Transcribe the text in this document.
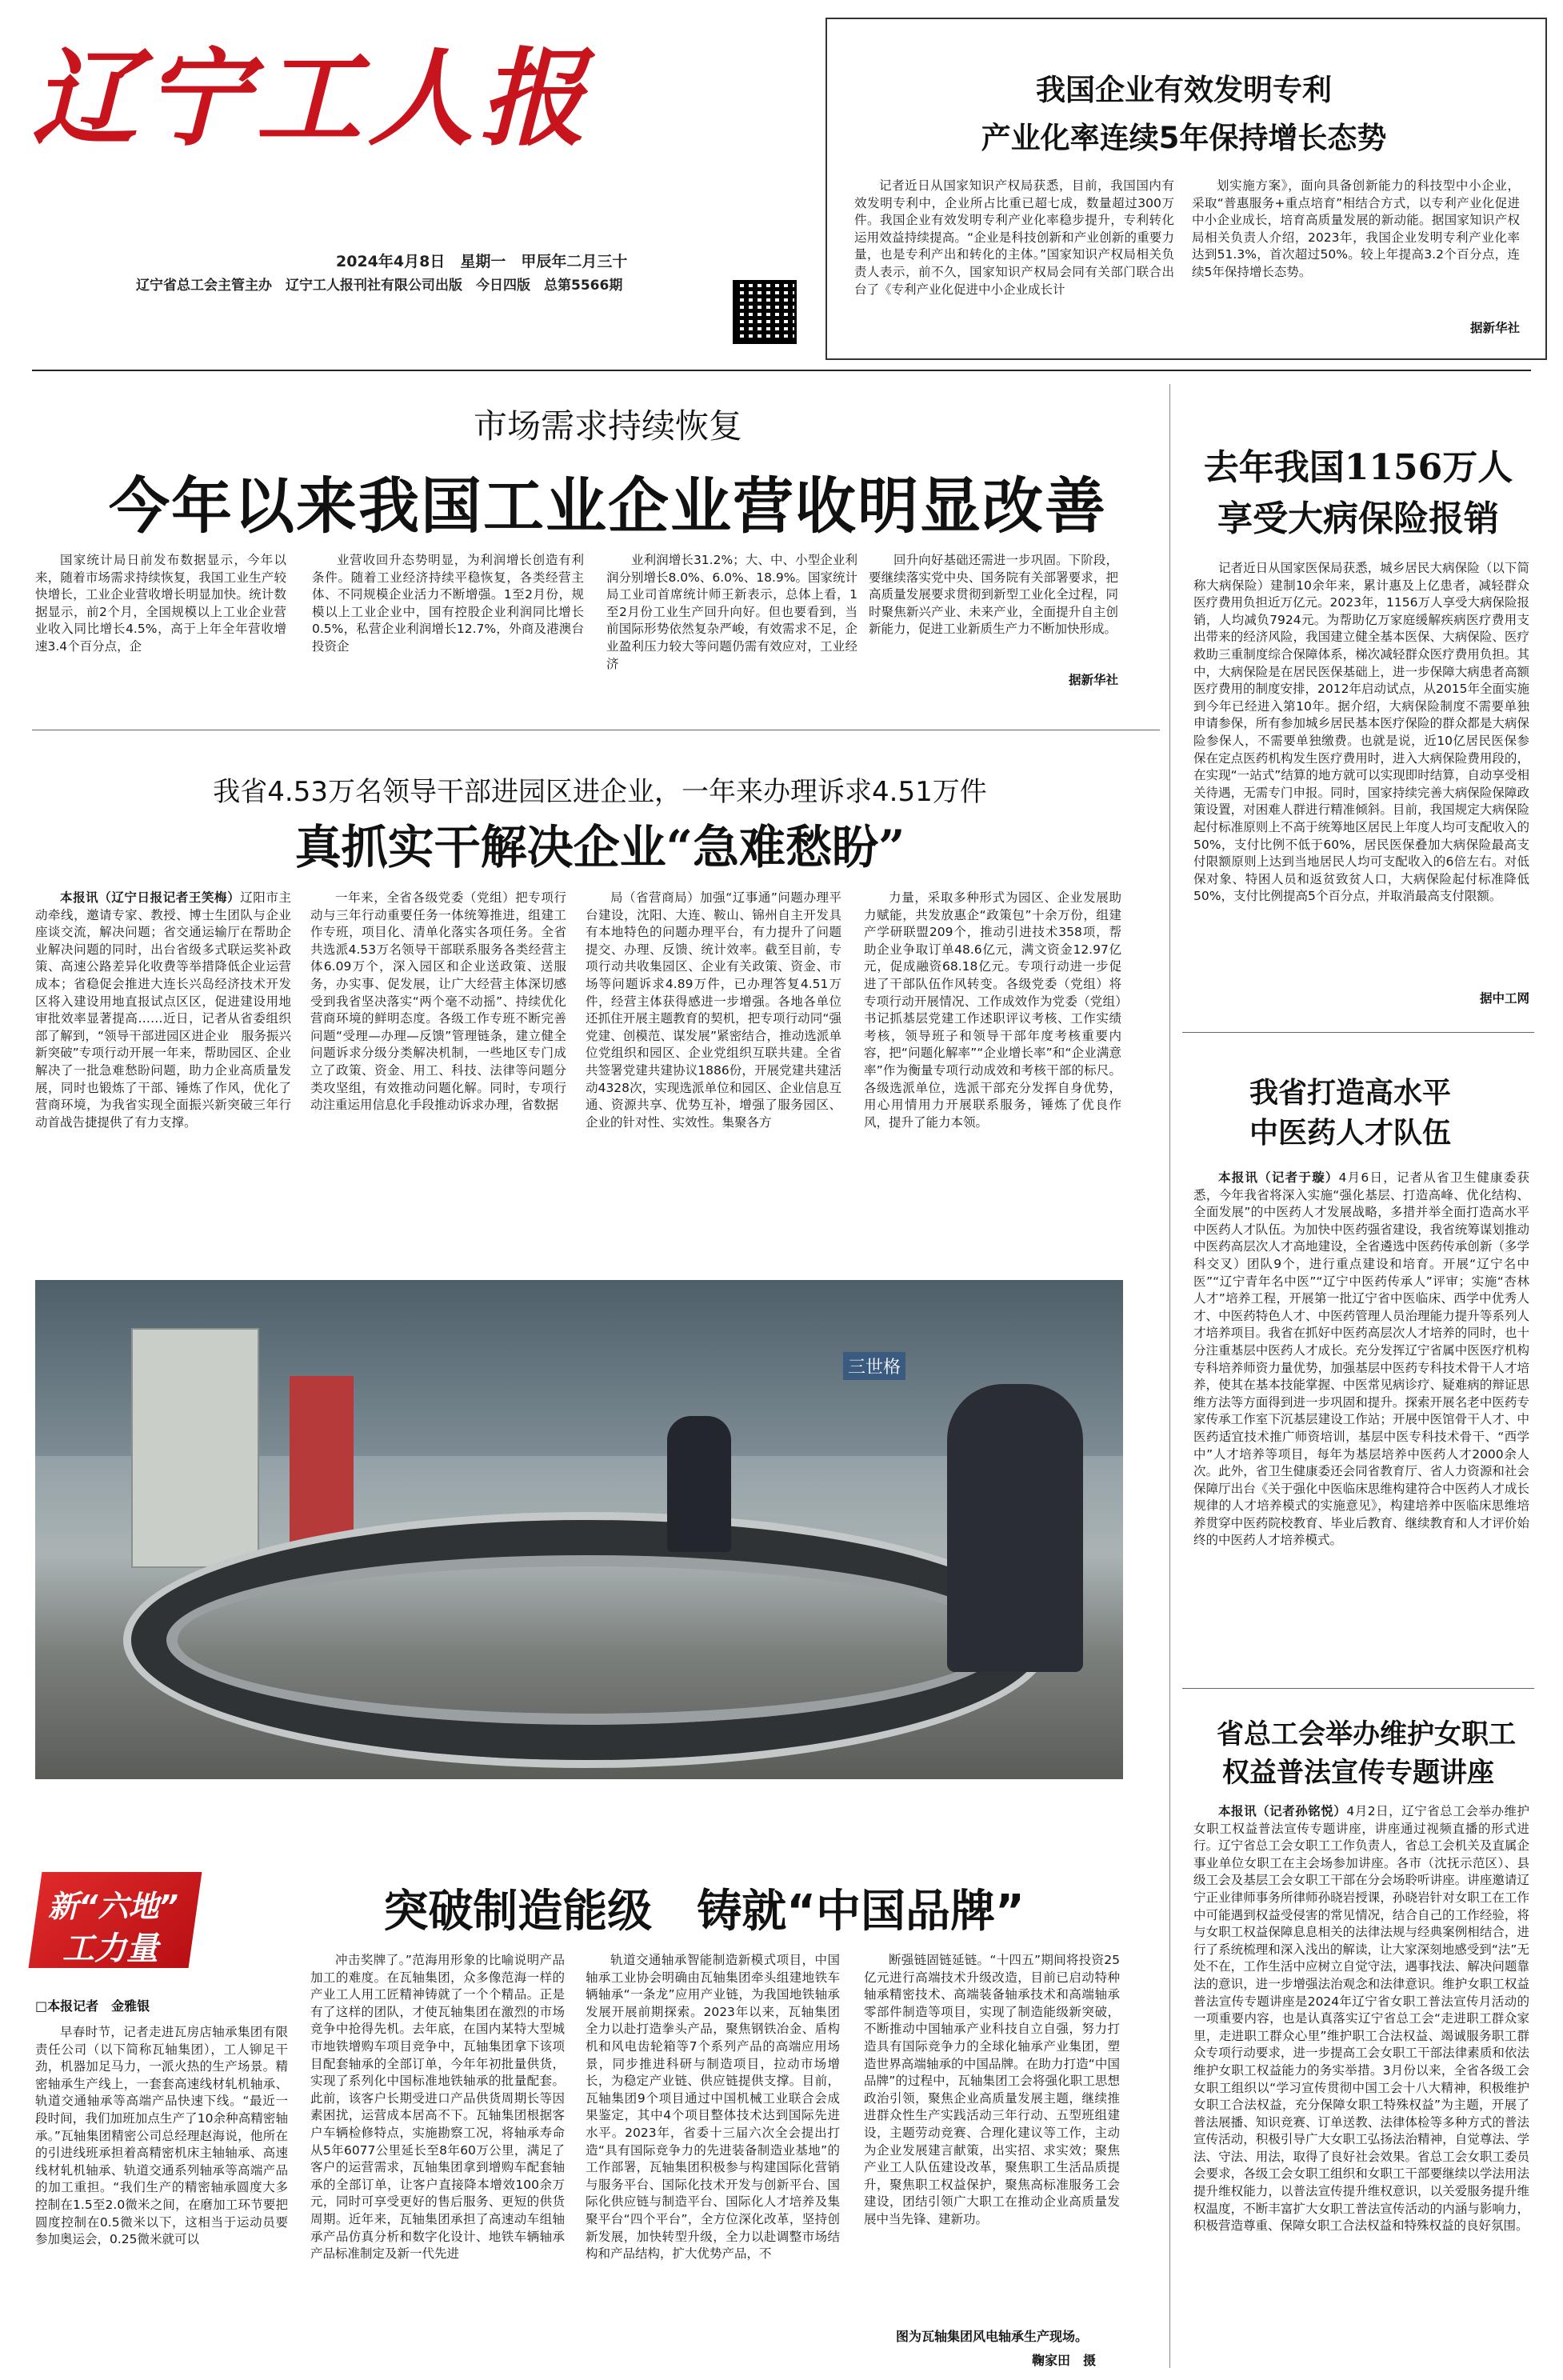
辽宁工人报
2024年4月8日　星期一　甲辰年二月三十
辽宁省总工会主管主办　辽宁工人报刊社有限公司出版　今日四版　总第5566期
我国企业有效发明专利
产业化率连续5年保持增长态势

记者近日从国家知识产权局获悉，目前，我国国内有效发明专利中，企业所占比重已超七成，数量超过300万件。我国企业有效发明专利产业化率稳步提升，专利转化运用效益持续提高。“企业是科技创新和产业创新的重要力量，也是专利产出和转化的主体。”国家知识产权局相关负责人表示，前不久，国家知识产权局会同有关部门联合出台了《专利产业化促进中小企业成长计

划实施方案》，面向具备创新能力的科技型中小企业，采取“普惠服务+重点培育”相结合方式，以专利产业化促进中小企业成长，培育高质量发展的新动能。据国家知识产权局相关负责人介绍，2023年，我国企业发明专利产业化率达到51.3%，首次超过50%。较上年提高3.2个百分点，连续5年保持增长态势。

据新华社
市场需求持续恢复
今年以来我国工业企业营收明显改善

国家统计局日前发布数据显示，今年以来，随着市场需求持续恢复，我国工业生产较快增长，工业企业营收增长明显加快。统计数据显示，前2个月，全国规模以上工业企业营业收入同比增长4.5%，高于上年全年营收增速3.4个百分点，企

业营收回升态势明显，为利润增长创造有利条件。随着工业经济持续平稳恢复，各类经营主体、不同规模企业活力不断增强。1至2月份，规模以上工业企业中，国有控股企业利润同比增长0.5%，私营企业利润增长12.7%，外商及港澳台投资企

业利润增长31.2%；大、中、小型企业利润分别增长8.0%、6.0%、18.9%。国家统计局工业司首席统计师王新表示，总体上看，1至2月份工业生产回升向好。但也要看到，当前国际形势依然复杂严峻，有效需求不足，企业盈利压力较大等问题仍需有效应对，工业经济

回升向好基础还需进一步巩固。下阶段，要继续落实党中央、国务院有关部署要求，把高质量发展要求贯彻到新型工业化全过程，同时聚焦新兴产业、未来产业，全面提升自主创新能力，促进工业新质生产力不断加快形成。

据新华社
我省4.53万名领导干部进园区进企业，一年来办理诉求4.51万件
真抓实干解决企业“急难愁盼”

本报讯（辽宁日报记者王笑梅）辽阳市主动牵线，邀请专家、教授、博士生团队与企业座谈交流，解决问题；省交通运输厅在帮助企业解决问题的同时，出台省级多式联运奖补政策、高速公路差异化收费等举措降低企业运营成本；省稳促会推进大连长兴岛经济技术开发区将入建设用地直报试点区区，促进建设用地审批效率显著提高……近日，记者从省委组织部了解到，“领导干部进园区进企业　服务振兴新突破”专项行动开展一年来，帮助园区、企业解决了一批急难愁盼问题，助力企业高质量发展，同时也锻炼了干部、锤炼了作风，优化了营商环境，为我省实现全面振兴新突破三年行动首战告捷提供了有力支撑。

一年来，全省各级党委（党组）把专项行动与三年行动重要任务一体统筹推进，组建工作专班，项目化、清单化落实各项任务。全省共选派4.53万名领导干部联系服务各类经营主体6.09万个，深入园区和企业送政策、送服务，办实事、促发展，让广大经营主体深切感受到我省坚决落实“两个毫不动摇”、持续优化营商环境的鲜明态度。各级工作专班不断完善问题“受理—办理—反馈”管理链条，建立健全问题诉求分级分类解决机制，一些地区专门成立了政策、资金、用工、科技、法律等问题分类攻坚组，有效推动问题化解。同时，专项行动注重运用信息化手段推动诉求办理，省数据

局（省营商局）加强“辽事通”问题办理平台建设，沈阳、大连、鞍山、锦州自主开发具有本地特色的问题办理平台，有力提升了问题提交、办理、反馈、统计效率。截至目前，专项行动共收集园区、企业有关政策、资金、市场等问题诉求4.89万件，已办理答复4.51万件，经营主体获得感进一步增强。各地各单位还抓住开展主题教育的契机，把专项行动同“强党建、创模范、谋发展”紧密结合，推动选派单位党组织和园区、企业党组织互联共建。全省共签署党建共建协议1886份，开展党建共建活动4328次，实现选派单位和园区、企业信息互通、资源共享、优势互补，增强了服务园区、企业的针对性、实效性。集聚各方

力量，采取多种形式为园区、企业发展助力赋能，共发放惠企“政策包”十余万份，组建产学研联盟209个，推动引进技术358项，帮助企业争取订单48.6亿元，满文资金12.97亿元，促成融资68.18亿元。专项行动进一步促进了干部队伍作风转变。各级党委（党组）将专项行动开展情况、工作成效作为党委（党组）书记抓基层党建工作述职评议考核、工作实绩考核，领导班子和领导干部年度考核重要内容，把“问题化解率”“企业增长率”和“企业满意率”作为衡量专项行动成效和考核干部的标尺。各级选派单位，选派干部充分发挥自身优势，用心用情用力开展联系服务，锤炼了优良作风，提升了能力本领。

三世格
新“六地”
工力量
突破制造能级　铸就“中国品牌”
□本报记者　金雅银

早春时节，记者走进瓦房店轴承集团有限责任公司（以下简称瓦轴集团），工人铆足干劲，机器加足马力，一派火热的生产场景。精密轴承生产线上，一套套高速线材轧机轴承、轨道交通轴承等高端产品快速下线。“最近一段时间，我们加班加点生产了10余种高精密轴承。”瓦轴集团精密公司总经理赵海说，他所在的引进线班承担着高精密机床主轴轴承、高速线材轧机轴承、轨道交通系列轴承等高端产品的加工重担。“我们生产的精密轴承圆度大多控制在1.5至2.0微米之间，在磨加工环节要把圆度控制在0.5微米以下，这相当于运动员要参加奥运会，0.25微米就可以

冲击奖牌了。”范海用形象的比喻说明产品加工的难度。在瓦轴集团，众多像范海一样的产业工人用工匠精神铸就了一个个精品。正是有了这样的团队，才使瓦轴集团在激烈的市场竞争中抢得先机。去年底，在国内某特大型城市地铁增购车项目竞争中，瓦轴集团拿下该项目配套轴承的全部订单，今年年初批量供货，实现了系列化中国标准地铁轴承的批量配套。此前，该客户长期受进口产品供货周期长等因素困扰，运营成本居高不下。瓦轴集团根据客户车辆检修特点，实施勘察工况，将轴承寿命从5年6077公里延长至8年60万公里，满足了客户的运营需求，瓦轴集团拿到增购车配套轴承的全部订单，让客户直接降本增效100余万元，同时可享受更好的售后服务、更短的供货周期。近年来，瓦轴集团承担了高速动车组轴承产品仿真分析和数字化设计、地铁车辆轴承产品标准制定及新一代先进

轨道交通轴承智能制造新模式项目，中国轴承工业协会明确由瓦轴集团牵头组建地铁车辆轴承“一条龙”应用产业链，为我国地铁轴承发展开展前期探索。2023年以来，瓦轴集团全力以赴打造拳头产品，聚焦钢铁冶金、盾构机和风电齿轮箱等7个系列产品的高端应用场景，同步推进科研与制造项目，拉动市场增长，为稳定产业链、供应链提供支撑。目前，瓦轴集团9个项目通过中国机械工业联合会成果鉴定，其中4个项目整体技术达到国际先进水平。2023年，省委十三届六次全会提出打造“具有国际竞争力的先进装备制造业基地”的工作部署，瓦轴集团积极参与构建国际化营销与服务平台、国际化技术开发与创新平台、国际化供应链与制造平台、国际化人才培养及集聚平台“四个平台”，全方位深化改革，坚持创新发展，加快转型升级，全力以赴调整市场结构和产品结构，扩大优势产品，不

断强链固链延链。“十四五”期间将投资25亿元进行高端技术升级改造，目前已启动特种轴承精密技术、高端装备轴承技术和高端轴承零部件制造等项目，实现了制造能级新突破，不断推动中国轴承产业科技自立自强，努力打造具有国际竞争力的全球化轴承产业集团，塑造世界高端轴承的中国品牌。在助力打造“中国品牌”的过程中，瓦轴集团工会将强化职工思想政治引领，聚焦企业高质量发展主题，继续推进群众性生产实践活动三年行动、五型班组建设，主题劳动竞赛、合理化建议等工作，主动为企业发展建言献策，出实招、求实效；聚焦产业工人队伍建设改革，聚焦职工生活品质提升，聚焦职工权益保护，聚焦高标准服务工会建设，团结引领广大职工在推动企业高质量发展中当先锋、建新功。

图为瓦轴集团风电轴承生产现场。
鞠家田　摄
去年我国1156万人
享受大病保险报销

记者近日从国家医保局获悉，城乡居民大病保险（以下简称大病保险）建制10余年来，累计惠及上亿患者，减轻群众医疗费用负担近万亿元。2023年，1156万人享受大病保险报销，人均减负7924元。为帮助亿万家庭缓解疾病医疗费用支出带来的经济风险，我国建立健全基本医保、大病保险、医疗救助三重制度综合保障体系，梯次减轻群众医疗费用负担。其中，大病保险是在居民医保基础上，进一步保障大病患者高额医疗费用的制度安排，2012年启动试点，从2015年全面实施到今年已经进入第10年。据介绍，大病保险制度不需要单独申请参保，所有参加城乡居民基本医疗保险的群众都是大病保险参保人，不需要单独缴费。也就是说，近10亿居民医保参保在定点医药机构发生医疗费用时，进入大病保险费用段的，在实现“一站式”结算的地方就可以实现即时结算，自动享受相关待遇，无需专门申报。同时，国家持续完善大病保险保障政策设置，对困难人群进行精准倾斜。目前，我国规定大病保险起付标准原则上不高于统筹地区居民上年度人均可支配收入的50%，支付比例不低于60%，居民医保叠加大病保险最高支付限额原则上达到当地居民人均可支配收入的6倍左右。对低保对象、特困人员和返贫致贫人口，大病保险起付标准降低50%，支付比例提高5个百分点，并取消最高支付限额。

据中工网
我省打造高水平
中医药人才队伍

本报讯（记者于璇）4月6日，记者从省卫生健康委获悉，今年我省将深入实施“强化基层、打造高峰、优化结构、全面发展”的中医药人才发展战略，多措并举全面打造高水平中医药人才队伍。为加快中医药强省建设，我省统筹谋划推动中医药高层次人才高地建设，全省遴选中医药传承创新（多学科交叉）团队9个，进行重点建设和培育。开展“辽宁名中医”“辽宁青年名中医”“辽宁中医药传承人”评审；实施“杏林人才”培养工程，开展第一批辽宁省中医临床、西学中优秀人才、中医药特色人才、中医药管理人员治理能力提升等系列人才培养项目。我省在抓好中医药高层次人才培养的同时，也十分注重基层中医药人才成长。充分发挥辽宁省属中医医疗机构专科培养师资力量优势，加强基层中医药专科技术骨干人才培养，使其在基本技能掌握、中医常见病诊疗、疑难病的辩证思维方法等方面得到进一步巩固和提升。探索开展名老中医药专家传承工作室下沉基层建设工作站；开展中医馆骨干人才、中医药适宜技术推广师资培训，基层中医专科技术骨干、“西学中”人才培养等项目，每年为基层培养中医药人才2000余人次。此外，省卫生健康委还会同省教育厅、省人力资源和社会保障厅出台《关于强化中医临床思维构建符合中医药人才成长规律的人才培养模式的实施意见》，构建培养中医临床思维培养贯穿中医药院校教育、毕业后教育、继续教育和人才评价始终的中医药人才培养模式。

省总工会举办维护女职工
权益普法宣传专题讲座

本报讯（记者孙铭悦）4月2日，辽宁省总工会举办维护女职工权益普法宣传专题讲座，讲座通过视频直播的形式进行。辽宁省总工会女职工工作负责人，省总工会机关及直属企事业单位女职工在主会场参加讲座。各市（沈抚示范区）、县级工会及基层工会女职工干部在分会场聆听讲座。讲座邀请辽宁正业律师事务所律师孙晓岩授课，孙晓岩针对女职工在工作中可能遇到权益受侵害的常见情况，结合自己的工作经验，将与女职工权益保障息息相关的法律法规与经典案例相结合，进行了系统梳理和深入浅出的解读，让大家深刻地感受到“法”无处不在，工作生活中应树立自觉守法，遇事找法、解决问题靠法的意识，进一步增强法治观念和法律意识。维护女职工权益普法宣传专题讲座是2024年辽宁省女职工普法宣传月活动的一项重要内容，也是认真落实辽宁省总工会“走进职工群众家里，走进职工群众心里”维护职工合法权益、竭诚服务职工群众专项行动要求，进一步提高工会女职工干部法律素质和依法维护女职工权益能力的务实举措。3月份以来，全省各级工会女职工组织以“学习宣传贯彻中国工会十八大精神，积极维护女职工合法权益，充分保障女职工特殊权益”为主题，开展了普法展播、知识竞赛、订单送教、法律体检等多种方式的普法宣传活动，积极引导广大女职工弘扬法治精神，自觉尊法、学法、守法、用法，取得了良好社会效果。省总工会女职工委员会要求，各级工会女职工组织和女职工干部要继续以学法用法提升维权能力，以普法宣传提升维权意识，以关爱服务提升维权温度，不断丰富扩大女职工普法宣传活动的内涵与影响力，积极营造尊重、保障女职工合法权益和特殊权益的良好氛围。
